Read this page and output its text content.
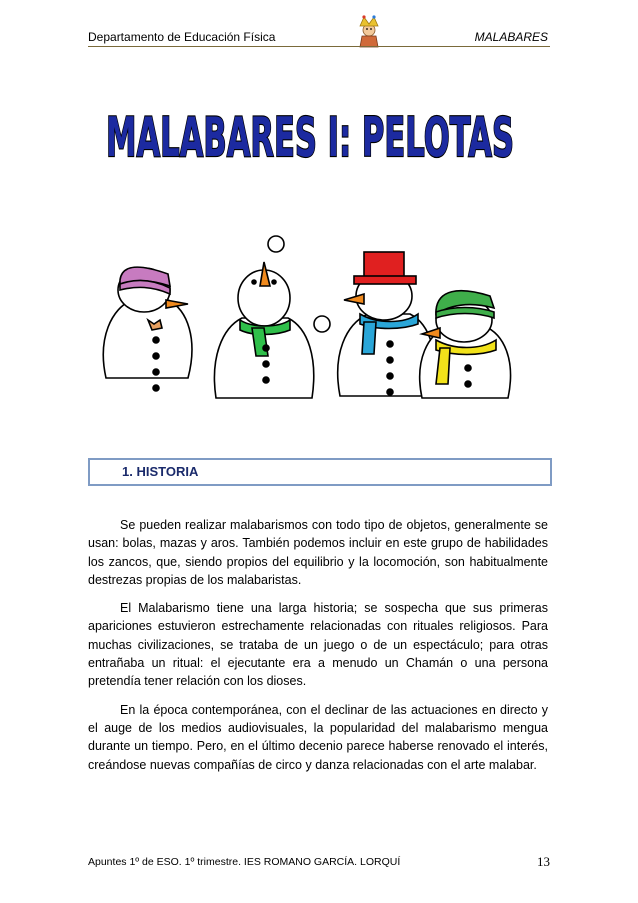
Departamento de Educación Física	MALABARES
MALABARES I: PELOTAS
1. HISTORIA

Se pueden realizar malabarismos con todo tipo de objetos, generalmente se usan: bolas, mazas y aros. También podemos incluir en este grupo de habilidades los zancos, que, siendo propios del equilibrio y la locomoción, son habitualmente destrezas propias de los malabaristas.

El Malabarismo tiene una larga historia; se sospecha que sus primeras apariciones estuvieron estrechamente relacionadas con rituales religiosos. Para muchas civilizaciones, se trataba de un juego o de un espectáculo; para otras entrañaba un ritual: el ejecutante era a menudo un Chamán o una persona pretendía tener relación con los dioses.

En la época contemporánea, con el declinar de las actuaciones en directo y el auge de los medios audiovisuales, la popularidad del malabarismo mengua durante un tiempo. Pero, en el último decenio parece haberse renovado el interés, creándose nuevas compañías de circo y danza relacionadas con el arte malabar.

Apuntes 1º de ESO. 1º trimestre. IES ROMANO GARCÍA. LORQUÍ	13
